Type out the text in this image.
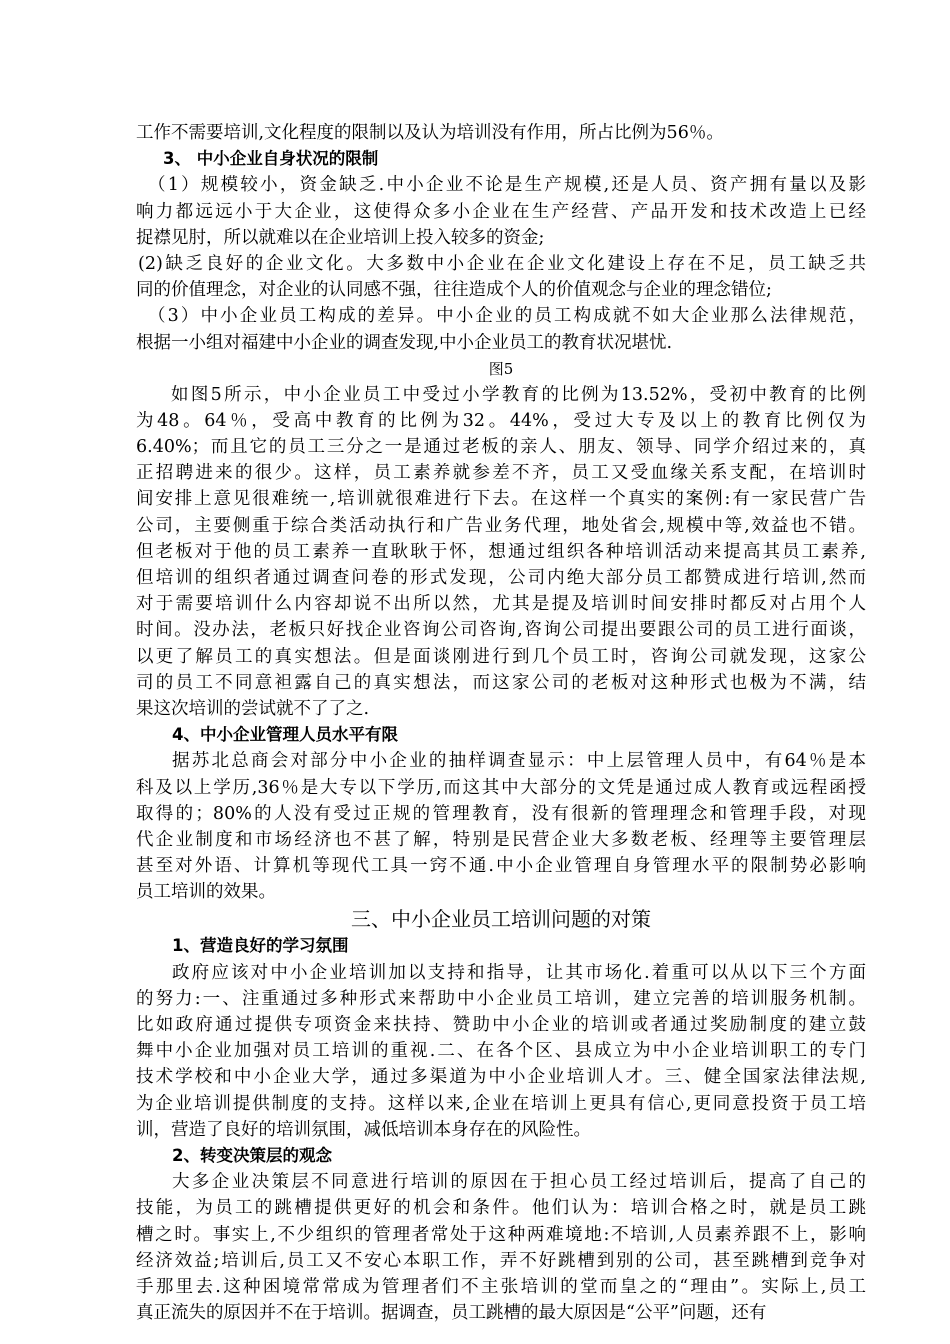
工作不需要培训,文化程度的限制以及认为培训没有作用，所占比例为56％。
3、 中小企业自身状况的限制
（1）规模较小，资金缺乏.中小企业不论是生产规模,还是人员、资产拥有量以及影
响力都远远小于大企业，这使得众多小企业在生产经营、产品开发和技术改造上已经
捉襟见肘，所以就难以在企业培训上投入较多的资金;
(2)缺乏良好的企业文化。大多数中小企业在企业文化建设上存在不足，员工缺乏共
同的价值理念，对企业的认同感不强，往往造成个人的价值观念与企业的理念错位;
（3）中小企业员工构成的差异。中小企业的员工构成就不如大企业那么法律规范，
根据一小组对福建中小企业的调查发现,中小企业员工的教育状况堪忧.
图5
如图5所示，中小企业员工中受过小学教育的比例为13.52%，受初中教育的比例
为48。64％，受高中教育的比例为32。44%，受过大专及以上的教育比例仅为
6.40%；而且它的员工三分之一是通过老板的亲人、朋友、领导、同学介绍过来的，真
正招聘进来的很少。这样，员工素养就参差不齐，员工又受血缘关系支配，在培训时
间安排上意见很难统一,培训就很难进行下去。在这样一个真实的案例:有一家民营广告
公司，主要侧重于综合类活动执行和广告业务代理，地处省会,规模中等,效益也不错。
但老板对于他的员工素养一直耿耿于怀，想通过组织各种培训活动来提高其员工素养,
但培训的组织者通过调查问卷的形式发现，公司内绝大部分员工都赞成进行培训,然而
对于需要培训什么内容却说不出所以然，尤其是提及培训时间安排时都反对占用个人
时间。没办法，老板只好找企业咨询公司咨询,咨询公司提出要跟公司的员工进行面谈，
以更了解员工的真实想法。但是面谈刚进行到几个员工时，咨询公司就发现，这家公
司的员工不同意袒露自己的真实想法，而这家公司的老板对这种形式也极为不满，结
果这次培训的尝试就不了了之.
4、中小企业管理人员水平有限
据苏北总商会对部分中小企业的抽样调查显示：中上层管理人员中，有64％是本
科及以上学历,36％是大专以下学历,而这其中大部分的文凭是通过成人教育或远程函授
取得的；80%的人没有受过正规的管理教育，没有很新的管理理念和管理手段，对现
代企业制度和市场经济也不甚了解，特别是民营企业大多数老板、经理等主要管理层
甚至对外语、计算机等现代工具一窍不通.中小企业管理自身管理水平的限制势必影响
员工培训的效果。
三、中小企业员工培训问题的对策
1、营造良好的学习氛围
政府应该对中小企业培训加以支持和指导，让其市场化.着重可以从以下三个方面
的努力:一、注重通过多种形式来帮助中小企业员工培训，建立完善的培训服务机制。
比如政府通过提供专项资金来扶持、赞助中小企业的培训或者通过奖励制度的建立鼓
舞中小企业加强对员工培训的重视.二、在各个区、县成立为中小企业培训职工的专门
技术学校和中小企业大学，通过多渠道为中小企业培训人才。三、健全国家法律法规,
为企业培训提供制度的支持。这样以来,企业在培训上更具有信心,更同意投资于员工培
训，营造了良好的培训氛围，减低培训本身存在的风险性。
2、转变决策层的观念
大多企业决策层不同意进行培训的原因在于担心员工经过培训后，提高了自己的
技能，为员工的跳槽提供更好的机会和条件。他们认为：培训合格之时，就是员工跳
槽之时。事实上,不少组织的管理者常处于这种两难境地:不培训,人员素养跟不上，影响
经济效益;培训后,员工又不安心本职工作，弄不好跳槽到别的公司，甚至跳槽到竞争对
手那里去.这种困境常常成为管理者们不主张培训的堂而皇之的“理由”。实际上,员工
真正流失的原因并不在于培训。据调查，员工跳槽的最大原因是“公平”问题，还有
